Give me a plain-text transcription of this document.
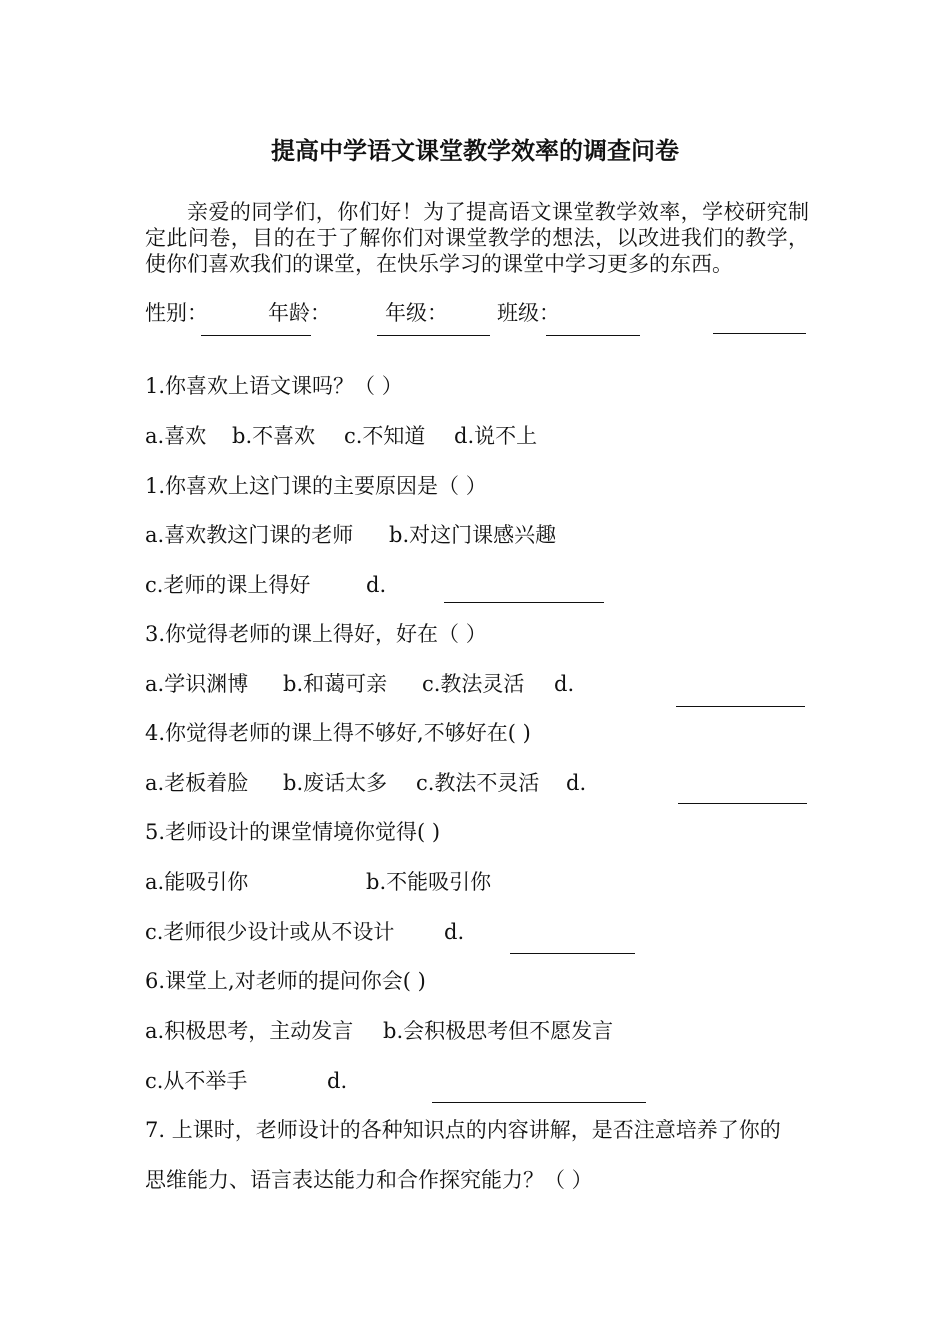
提高中学语文课堂教学效率的调查问卷
亲爱的同学们，你们好！为了提高语文课堂教学效率，学校研究制定此问卷，目的在于了解你们对课堂教学的想法，以改进我们的教学，使你们喜欢我们的课堂，在快乐学习的课堂中学习更多的东西。
性别：	年龄：	年级： 班级：
1.你喜欢上语文课吗？（ ）
a.喜欢 b.不喜欢 c.不知道 d.说不上
1.你喜欢上这门课的主要原因是（ ）
a.喜欢教这门课的老师 b.对这门课感兴趣
c.老师的课上得好	d.
3.你觉得老师的课上得好，好在（ ）
a.学识渊博 b.和蔼可亲 c.教法灵活 d.
4.你觉得老师的课上得不够好,不够好在( )
a.老板着脸 b.废话太多 c.教法不灵活 d.
5.老师设计的课堂情境你觉得( )
a.能吸引你	b.不能吸引你
c.老师很少设计或从不设计 d.
6.课堂上,对老师的提问你会( )
a.积极思考，主动发言 b.会积极思考但不愿发言
c.从不举手	d.
7. 上课时，老师设计的各种知识点的内容讲解，是否注意培养了你的
思维能力、语言表达能力和合作探究能力？（ ）
